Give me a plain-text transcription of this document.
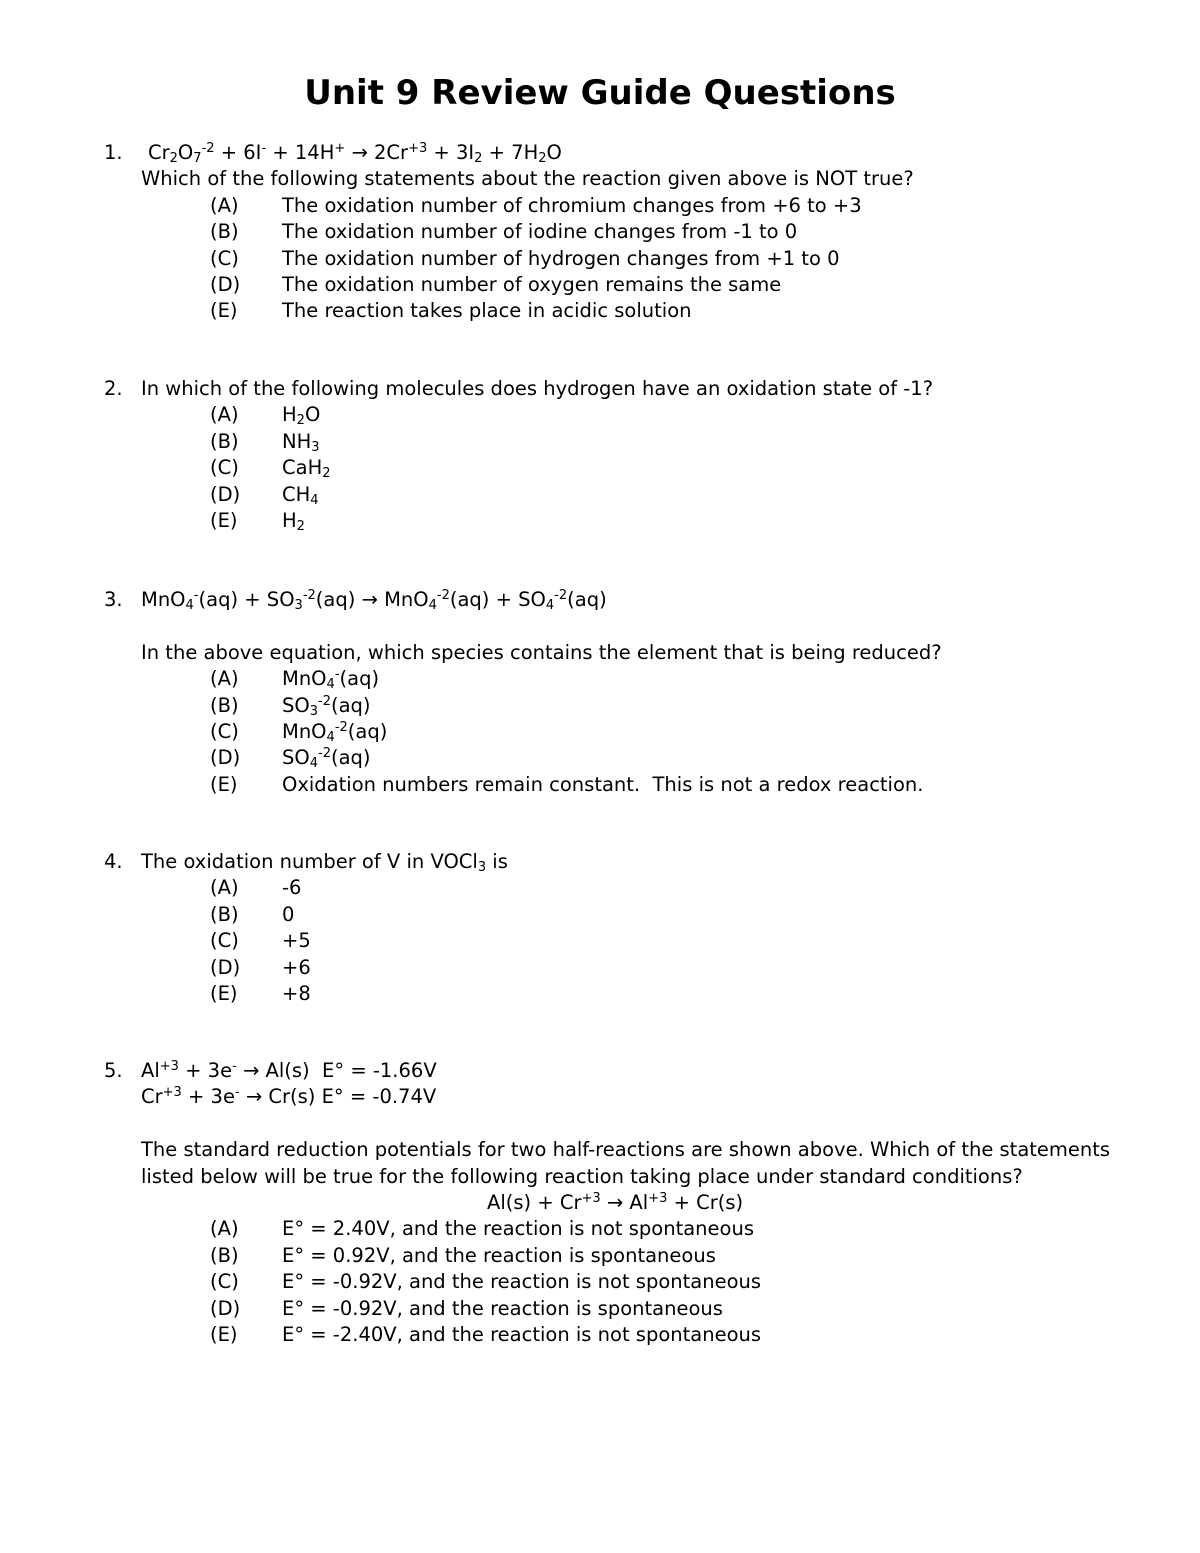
Unit 9 Review Guide Questions
1. $Cr_2O_7^{-2} + 6I^- + 14H^+ \to 2Cr^{+3} + 3I_2 + 7H_2O$
Which of the following statements about the reaction given above is NOT true?
(A) The oxidation number of chromium changes from +6 to +3
(B) The oxidation number of iodine changes from -1 to 0
(C) The oxidation number of hydrogen changes from +1 to 0
(D) The oxidation number of oxygen remains the same
(E) The reaction takes place in acidic solution
2. In which of the following molecules does hydrogen have an oxidation state of -1?
(A) $H_2O$
(B) $NH_3$
(C) CaH$_2$
(D) $CH_4$
(E) $H_2$
3. $MnO_4^-(aq) + SO_3^{-2}(aq) \to MnO_4^{-2}(aq) + SO_4^{-2}(aq)$
In the above equation, which species contains the element that is being reduced?
(A) MnO$_4$-(aq)
(B) $SO_3^{-2}(aq)$
(C) MnO$_4^{-2}$(aq)
(D) $SO_4^{-2}(aq)$
(E) Oxidation numbers remain constant.  This is not a redox reaction.
4. The oxidation number of V in VOCl$_3$ is
(A) -6
(B) 0
(C) +5
(D) +6
(E) +8
5. $Al^{+3} + 3e^- \to Al(s) E^\circ = -1.66V$
$Cr^{+3} + 3e^- \to Cr(s) E^\circ = -0.74V$
The standard reduction potentials for two half-reactions are shown above. Which of the statements listed below will be true for the following reaction taking place under standard conditions?
$Al(s) + Cr^{+3} \to Al^{+3} + Cr(s)$
(A) E° = 2.40V, and the reaction is not spontaneous
(B) E° = 0.92V, and the reaction is spontaneous
(C) E° = -0.92V, and the reaction is not spontaneous
(D) E° = -0.92V, and the reaction is spontaneous
(E) E° = -2.40V, and the reaction is not spontaneous
